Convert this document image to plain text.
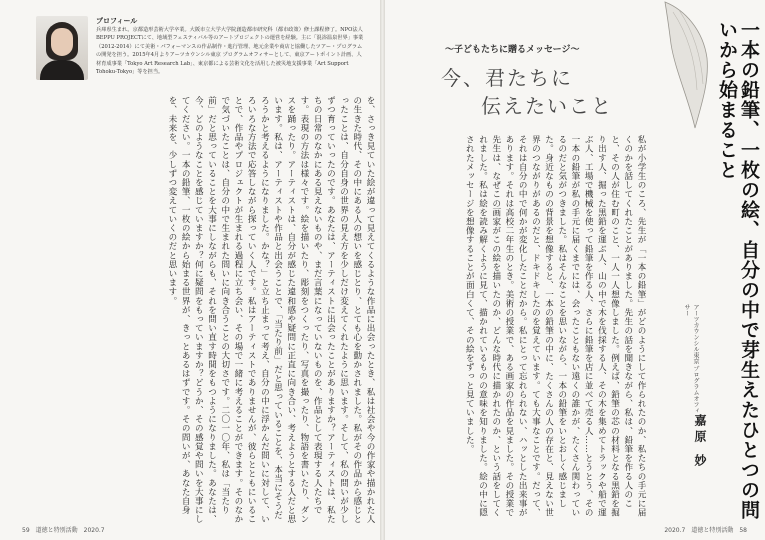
プロフィール
兵庫県生まれ。京都造形芸術大学卒業。大阪市立大学大学院創造都市研究科（都市政策）修士課程修了。NPO法人BEPPU PROJECTにて、地域型フェスティバル等のアートプロジェクトの運営を経験。主に「混浴温泉世界」事業（2012-2014）にて美術・パフォーマンスの作品制作・進行管理、地元企業や商店と協働したツアー・プログラムの開発を担う。2015年4月よりアーツカウンシル東京 プログラムオフィサーとして、東京アートポイント計画、人材育成事業「Tokyo Art Research Lab」、東京都による芸術文化を活用した被災地支援事業「Art Support Tohoku-Tokyo」等を担当。
を、さっき見ていた絵が違って見えてくるような作品に出会ったとき、私は社会や今の作家や描かれた人の生きた時代、その中にある人の想いを感じとり、とても心を動かされました。私がその作品から感じとったことは、自分自身の世界の見え方を少しだけ変えてくれたように思います。そして、私の問いが少しずつ育っていったのです。あなたは、アーティストに出会ったことがありますか？アーティストは、私たちの日常のなかにある見えないものや、まだ言葉になっていないものを、作品として表現する人たちです。表現の方法は様々です。絵を描いたり、彫刻をつくったり、写真を撮ったり、物語を書いたり、ダンスを踊ったり。アーティストは、自分が感じた違和感や疑問に正直に向き合い、考えようとする人だと思います。私は、アーティストや作品と出会うことで、「当たり前」だと思っていることを、本当にそうだろうかと考えるようになりました。かな？」と立ち止まって考え、自分の中に浮かんだ問いに対して、いろいろな方法で応答しながら探っていく人です。私はアーティストでありませんが、彼らとともにいることで、作品やプロジェクトが生まれる過程に立ち会い、その場で一緒に考えることができます。そのなかで気づいたことは、自分の中で生まれた問いに向き合うことの大切さです。二〇一〇年、私は「当たり前」だと思っていることを大事にしながらも、それを問い直す時間をもつようになりました。あなたは、今、どのようなことを感じていますか？何に疑問をもっていますか？どうか、その感覚や問いを大事にしてください。一本の鉛筆、一枚の絵から始まる世界が、きっとあるはずです。その問いが、あなた自身を、未来を、少しずつ変えていくのだと思います。
59　道徳と特別活動　2020.7
〜子どもたちに贈るメッセージ〜
今、君たちに
伝えたいこと
私が小学生のころ、先生が「一本の鉛筆」がどのようにして作られたのか、私たちの手元に届くのかを話してくれたことがありました。先生の話を聞きながら、私は、鉛筆を作る人のこと、その人が住む町のこと、一人一人想像しました。例えば、鉛筆の芯の材料となる黒鉛を掘り出す人、掘った黒鉛を運ぶ人、山の中で木を伐採する人、その木を集めてトラックや船で運ぶ人、工場で機械を使って鉛筆を作る人、さらに鉛筆を店に並べて売る人……とうとう、その一本の鉛筆が私の手元に届くまでには、会ったこともない遠くの誰かが、たくさん関わっているのだと気がつきました。私はそんなことを思いながら、一本の鉛筆をいとおしく感じました。身近なものの背景を想像すると、一本の鉛筆の中に、たくさんの人の存在と、見えない世界のつながりがあるのだと、ドキドキしたのを覚えています。ても大事なことです。だって、それは自分の中で何かが変化したことだから。私にとって忘れられない、ハッとした出来事があります。それは高校二年生のとき。美術の授業で、ある画家の作品を見ました。その授業で先生は、なぜこの画家がこの絵を描いたのか、どんな時代に描かれたのか、という話をしてくれました。私は絵を読み解くように見て、描かれているものの意味を知りました。絵の中に隠されたメッセージを想像することが面白くて、その絵をずっと見ていました。
2020.7　道徳と特別活動　58
一本の鉛筆、一枚の絵、自分の中で芽生えたひとつの問いから始まること
アーツカウンシル東京 プログラムオフィサー
嘉原 妙
